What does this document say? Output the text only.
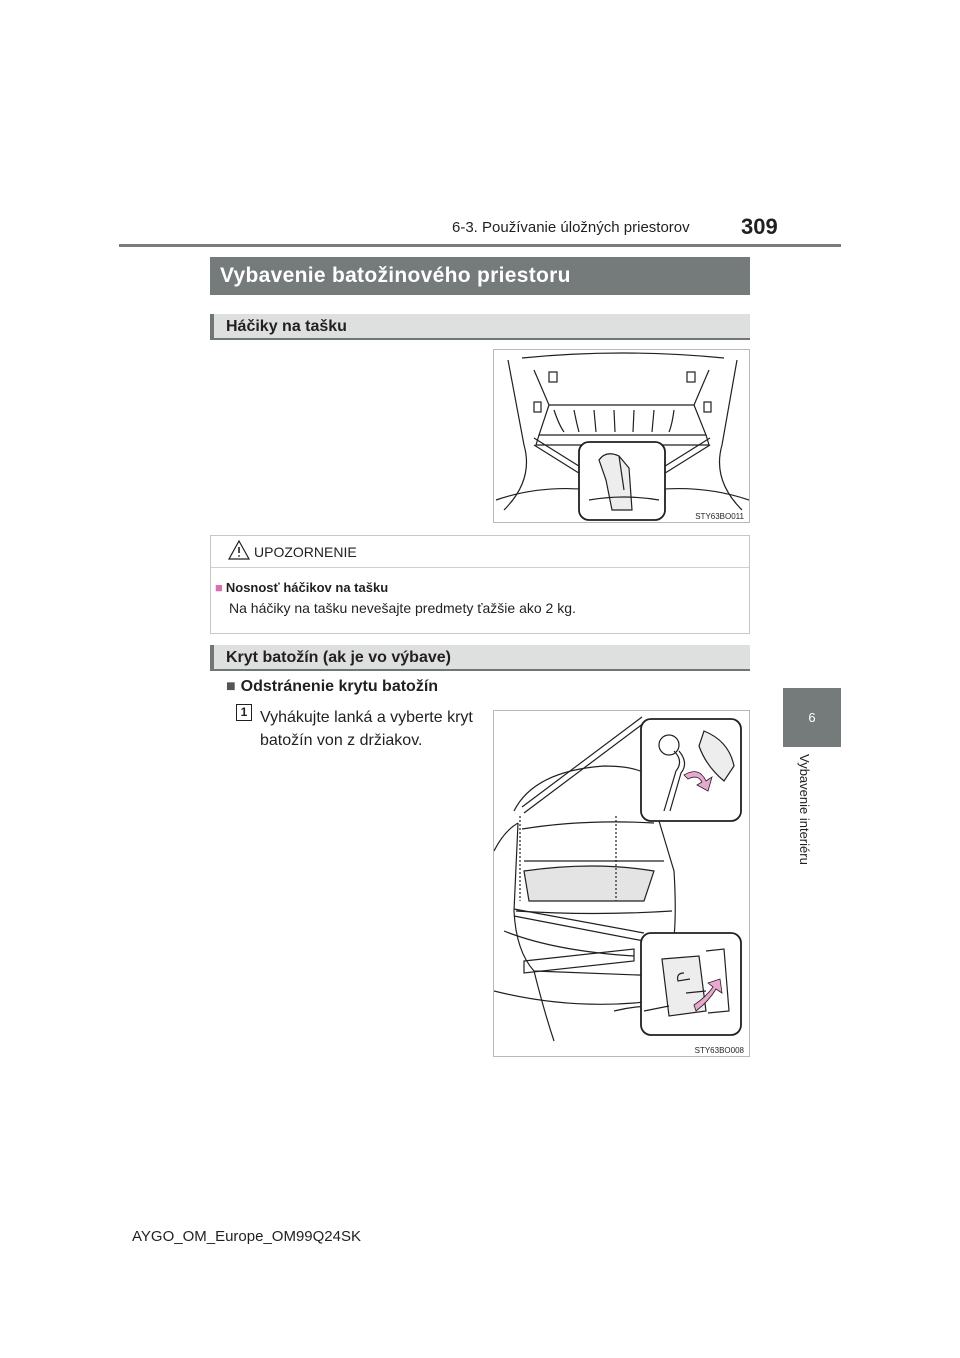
6-3. Používanie úložných priestorov 309
6
Vybavenie interiéru
Vybavenie batožinového priestoru
Háčiky na tašku
STY63BO011
UPOZORNENIE
■ Nosnosť háčikov na tašku
Na háčiky na tašku nevešajte predmety ťažšie ako 2 kg.
Kryt batožín (ak je vo výbave)
■ Odstránenie krytu batožín
1 Vyhákujte lanká a vyberte kryt batožín von z držiakov.
STY63BO008
AYGO_OM_Europe_OM99Q24SK
